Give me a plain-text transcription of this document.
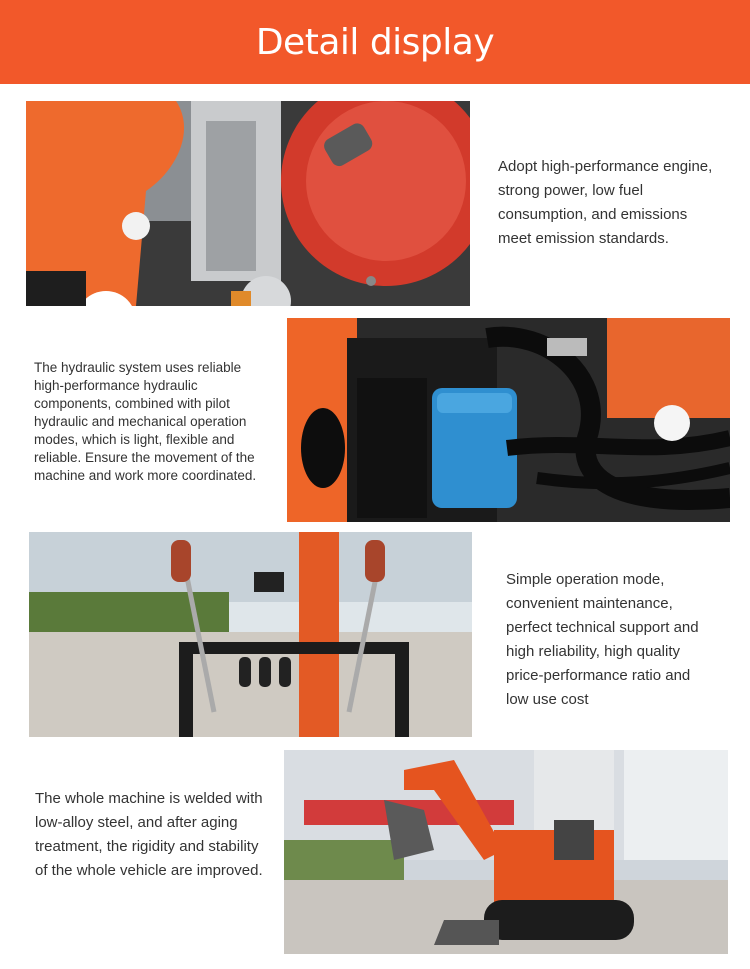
Detail display
Adopt high-performance engine, strong power, low fuel consumption, and emissions meet emission standards.
The hydraulic system uses reliable high-performance hydraulic components, combined with pilot hydraulic and mechanical operation modes, which is light, flexible and reliable. Ensure the movement of the machine and work more coordinated.
Simple operation mode, convenient maintenance, perfect technical support and high reliability, high quality price-performance ratio and low use cost
The whole machine is welded with low-alloy steel, and after aging treatment, the rigidity and stability of the whole vehicle are improved.
